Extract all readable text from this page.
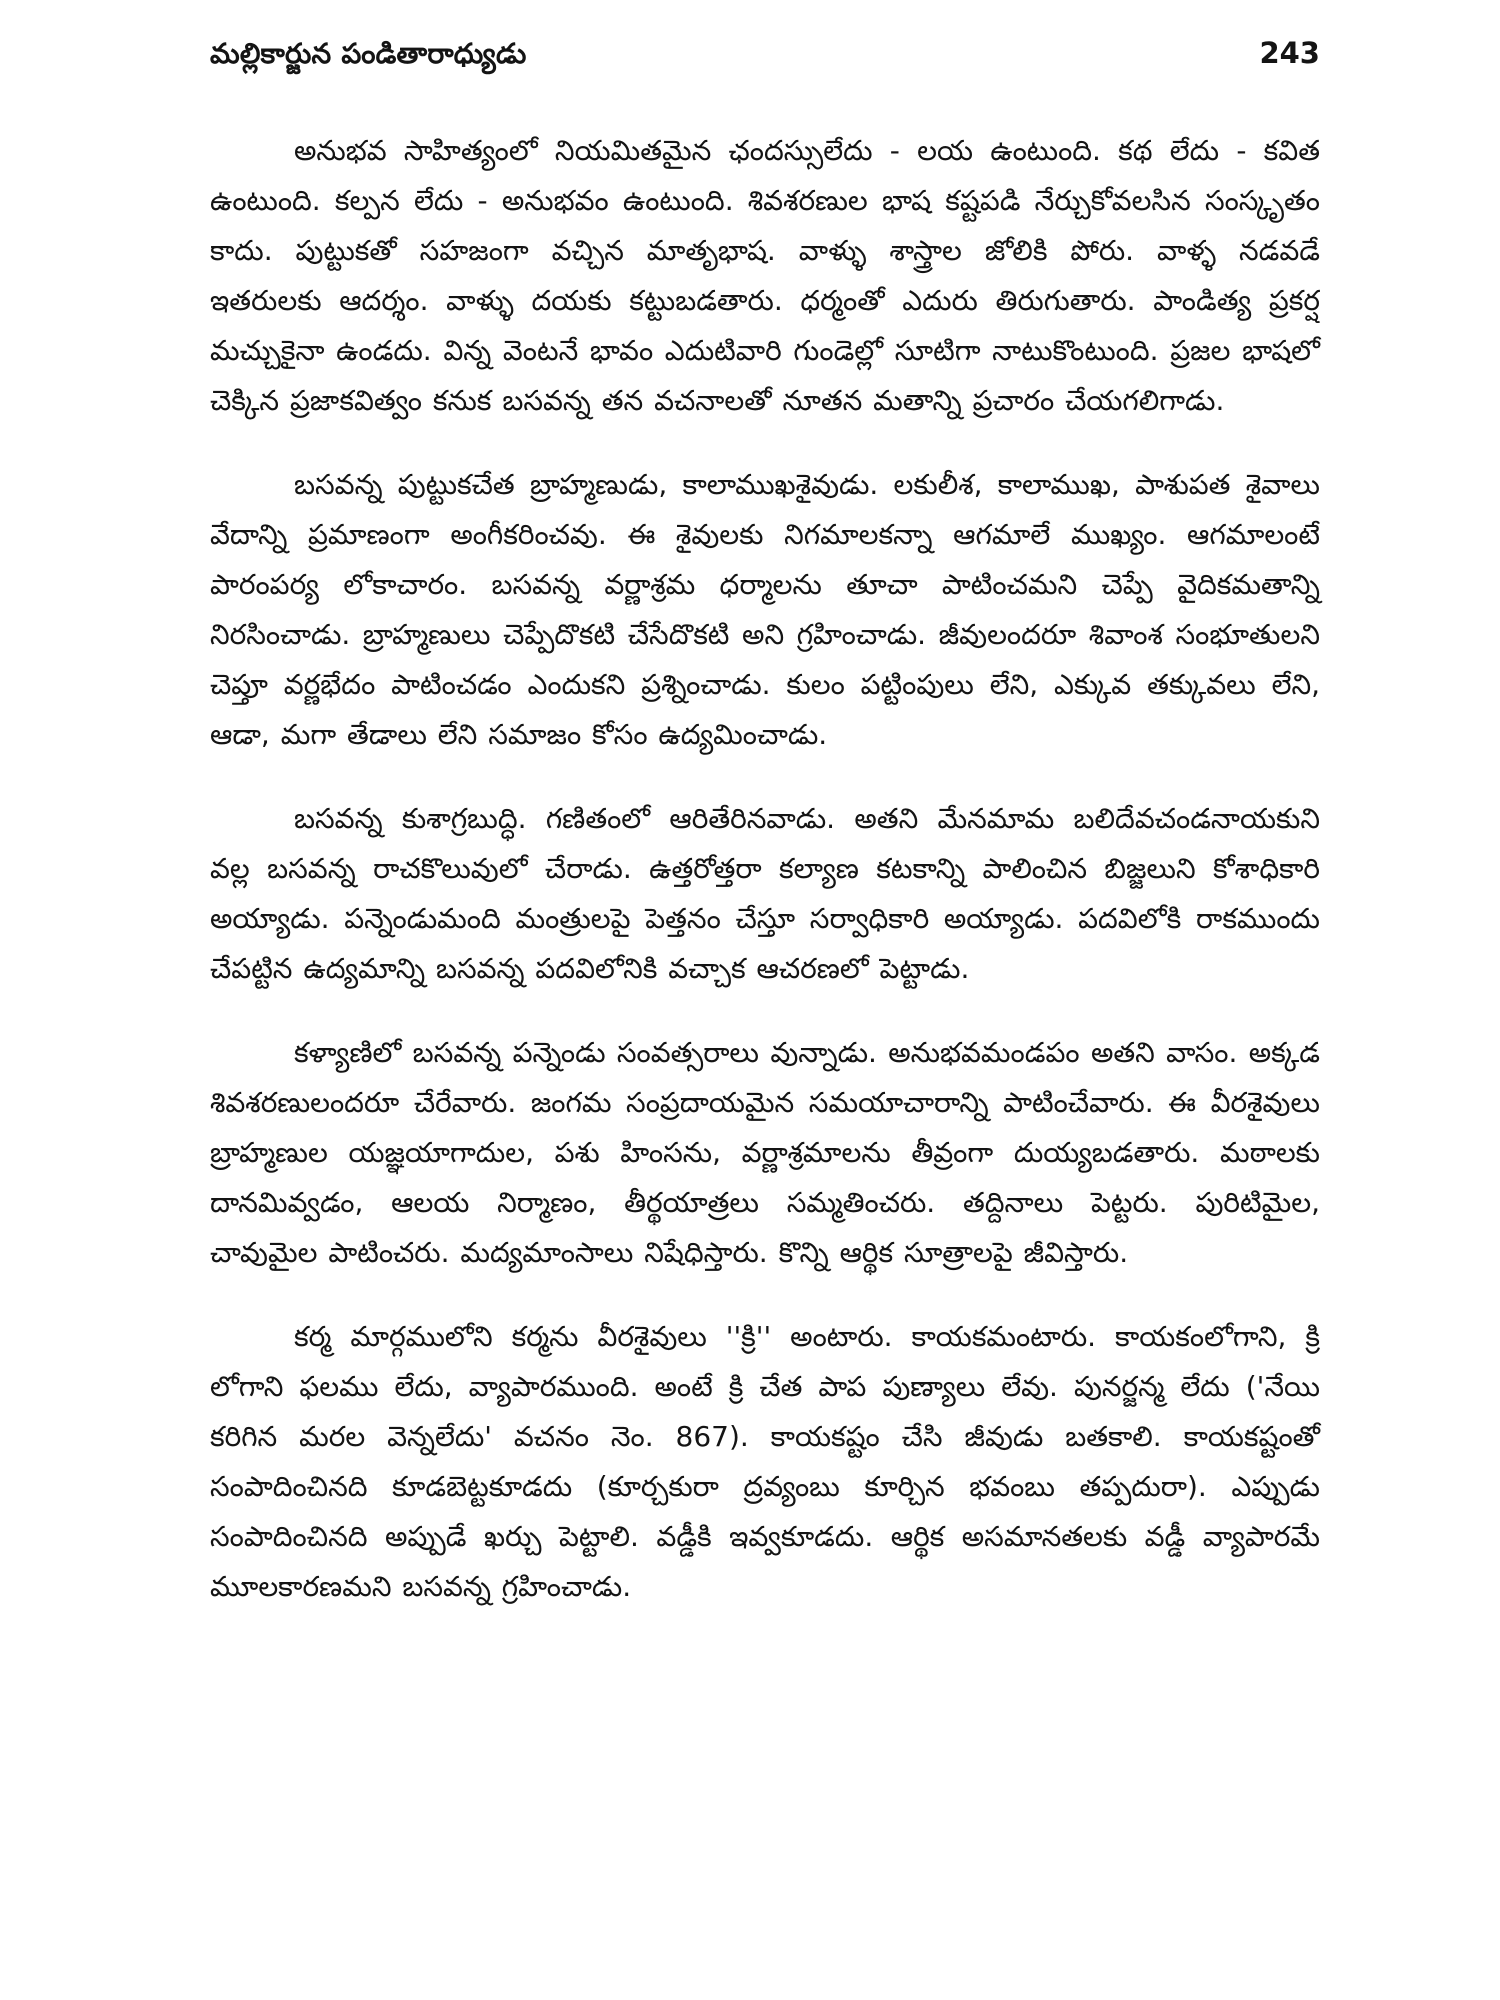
మల్లికార్జున పండితారాధ్యుడు	243

అనుభవ సాహిత్యంలో నియమితమైన ఛందస్సులేదు - లయ ఉంటుంది. కథ లేదు - కవిత ఉంటుంది. కల్పన లేదు - అనుభవం ఉంటుంది. శివశరణుల భాష కష్టపడి నేర్చుకోవలసిన సంస్కృతం కాదు. పుట్టుకతో సహజంగా వచ్చిన మాతృభాష. వాళ్ళు శాస్త్రాల జోలికి పోరు. వాళ్ళ నడవడే ఇతరులకు ఆదర్శం. వాళ్ళు దయకు కట్టుబడతారు. ధర్మంతో ఎదురు తిరుగుతారు. పాండిత్య ప్రకర్ష మచ్చుకైనా ఉండదు. విన్న వెంటనే భావం ఎదుటివారి గుండెల్లో సూటిగా నాటుకొంటుంది. ప్రజల భాషలో చెక్కిన ప్రజాకవిత్వం కనుక బసవన్న తన వచనాలతో నూతన మతాన్ని ప్రచారం చేయగలిగాడు.

బసవన్న పుట్టుకచేత బ్రాహ్మణుడు, కాలాముఖశైవుడు. లకులీశ, కాలాముఖ, పాశుపత శైవాలు వేదాన్ని ప్రమాణంగా అంగీకరించవు. ఈ శైవులకు నిగమాలకన్నా ఆగమాలే ముఖ్యం. ఆగమాలంటే పారంపర్య లోకాచారం. బసవన్న వర్ణాశ్రమ ధర్మాలను తూచా పాటించమని చెప్పే వైదికమతాన్ని నిరసించాడు. బ్రాహ్మణులు చెప్పేదొకటి చేసేదొకటి అని గ్రహించాడు. జీవులందరూ శివాంశ సంభూతులని చెప్తూ వర్ణభేదం పాటించడం ఎందుకని ప్రశ్నించాడు. కులం పట్టింపులు లేని, ఎక్కువ తక్కువలు లేని, ఆడా, మగా తేడాలు లేని సమాజం కోసం ఉద్యమించాడు.

బసవన్న కుశాగ్రబుద్ధి. గణితంలో ఆరితేరినవాడు. అతని మేనమామ బలిదేవచండనాయకుని వల్ల బసవన్న రాచకొలువులో చేరాడు. ఉత్తరోత్తరా కల్యాణ కటకాన్ని పాలించిన బిజ్జలుని కోశాధికారి అయ్యాడు. పన్నెండుమంది మంత్రులపై పెత్తనం చేస్తూ సర్వాధికారి అయ్యాడు. పదవిలోకి రాకముందు చేపట్టిన ఉద్యమాన్ని బసవన్న పదవిలోనికి వచ్చాక ఆచరణలో పెట్టాడు.

కళ్యాణిలో బసవన్న పన్నెండు సంవత్సరాలు వున్నాడు. అనుభవమండపం అతని వాసం. అక్కడ శివశరణులందరూ చేరేవారు. జంగమ సంప్రదాయమైన సమయాచారాన్ని పాటించేవారు. ఈ వీరశైవులు బ్రాహ్మణుల యజ్ఞయాగాదుల, పశు హింసను, వర్ణాశ్రమాలను తీవ్రంగా దుయ్యబడతారు. మఠాలకు దానమివ్వడం, ఆలయ నిర్మాణం, తీర్థయాత్రలు సమ్మతించరు. తద్దినాలు పెట్టరు. పురిటిమైల, చావుమైల పాటించరు. మద్యమాంసాలు నిషేధిస్తారు. కొన్ని ఆర్థిక సూత్రాలపై జీవిస్తారు.

కర్మ మార్గములోని కర్మను వీరశైవులు ''క్రి'' అంటారు. కాయకమంటారు. కాయకంలోగాని, క్రి లోగాని ఫలము లేదు, వ్యాపారముంది. అంటే క్రి చేత పాప పుణ్యాలు లేవు. పునర్జన్మ లేదు ('నేయి కరిగిన మరల వెన్నలేదు' వచనం నెం. 867). కాయకష్టం చేసి జీవుడు బతకాలి. కాయకష్టంతో సంపాదించినది కూడబెట్టకూడదు (కూర్చకురా ద్రవ్యంబు కూర్చిన భవంబు తప్పదురా). ఎప్పుడు సంపాదించినది అప్పుడే ఖర్చు పెట్టాలి. వడ్డీకి ఇవ్వకూడదు. ఆర్థిక అసమానతలకు వడ్డీ వ్యాపారమే మూలకారణమని బసవన్న గ్రహించాడు.
